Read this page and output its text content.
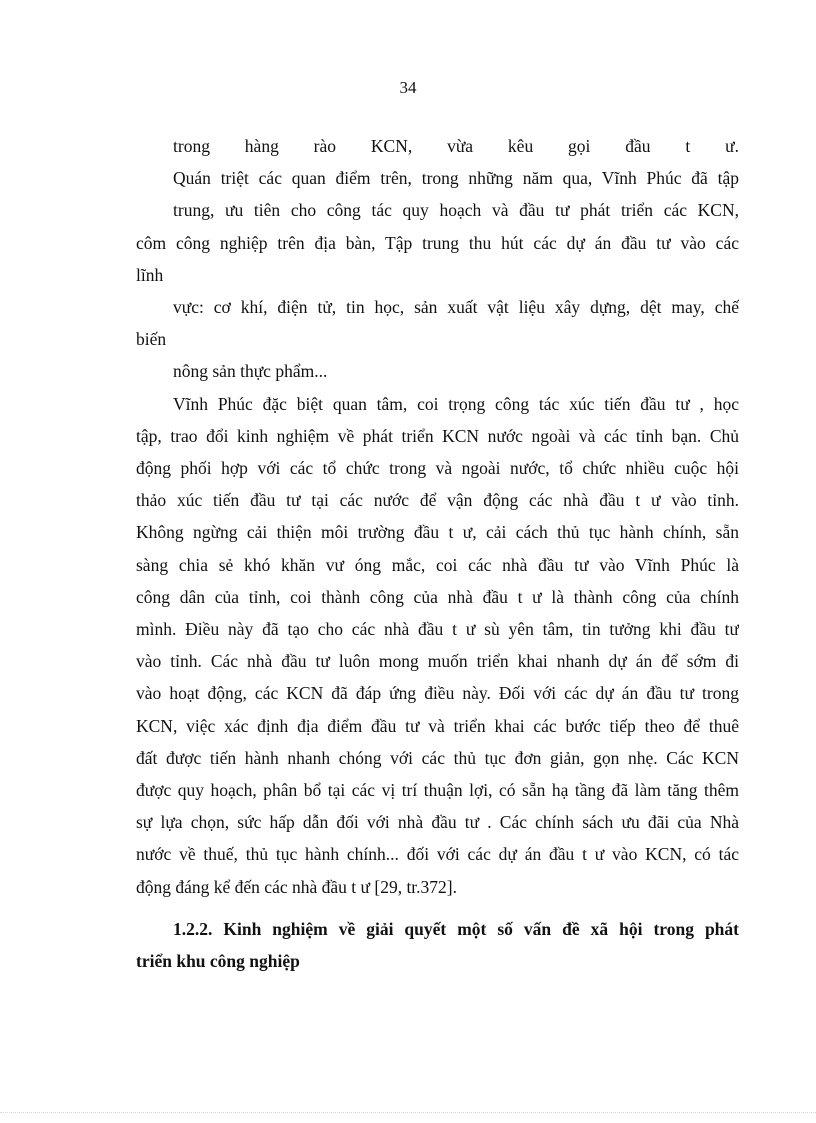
34
trong hàng rào KCN, vừa kêu gọi đầu t ư.
Quán triệt các quan điểm trên, trong những năm qua, Vĩnh Phúc đã tập
trung, ưu tiên cho công tác quy hoạch và đầu tư phát triển các KCN,
côm công nghiệp trên địa bàn, Tập trung thu hút các dự án đầu tư vào các
lĩnh
vực: cơ khí, điện tử, tin học, sản xuất vật liệu xây dựng, dệt may, chế
biến
nông sản thực phẩm...
Vĩnh Phúc đặc biệt quan tâm, coi trọng công tác xúc tiến đầu tư , học
tập, trao đổi kinh nghiệm về phát triển KCN nước ngoài và các tỉnh bạn. Chủ
động phối hợp với các tổ chức trong và ngoài nước, tổ chức nhiều cuộc hội
thảo xúc tiến đầu tư tại các nước để vận động các nhà đầu t ư vào tỉnh.
Không ngừng cải thiện môi trường đầu t ư, cải cách thủ tục hành chính, sẵn
sàng chia sẻ khó khăn vư óng mắc, coi các nhà đầu tư vào Vĩnh Phúc là
công dân của tỉnh, coi thành công của nhà đầu t ư là thành công của chính
mình. Điều này đã tạo cho các nhà đầu t ư sù yên tâm, tin tưởng khi đầu tư
vào tỉnh. Các nhà đầu tư luôn mong muốn triển khai nhanh dự án để sớm đi
vào hoạt động, các KCN đã đáp ứng điều này. Đối với các dự án đầu tư trong
KCN, việc xác định địa điểm đầu tư và triển khai các bước tiếp theo để thuê
đất được tiến hành nhanh chóng với các thủ tục đơn giản, gọn nhẹ. Các KCN
được quy hoạch, phân bổ tại các vị trí thuận lợi, có sẵn hạ tầng đã làm tăng thêm
sự lựa chọn, sức hấp dẫn đối với nhà đầu tư . Các chính sách ưu đãi của Nhà
nước về thuế, thủ tục hành chính... đối với các dự án đầu t ư vào KCN, có tác
động đáng kể đến các nhà đầu t ư [29, tr.372].
1.2.2. Kinh nghiệm về giải quyết một số vấn đề xã hội trong phát
triển khu công nghiệp
